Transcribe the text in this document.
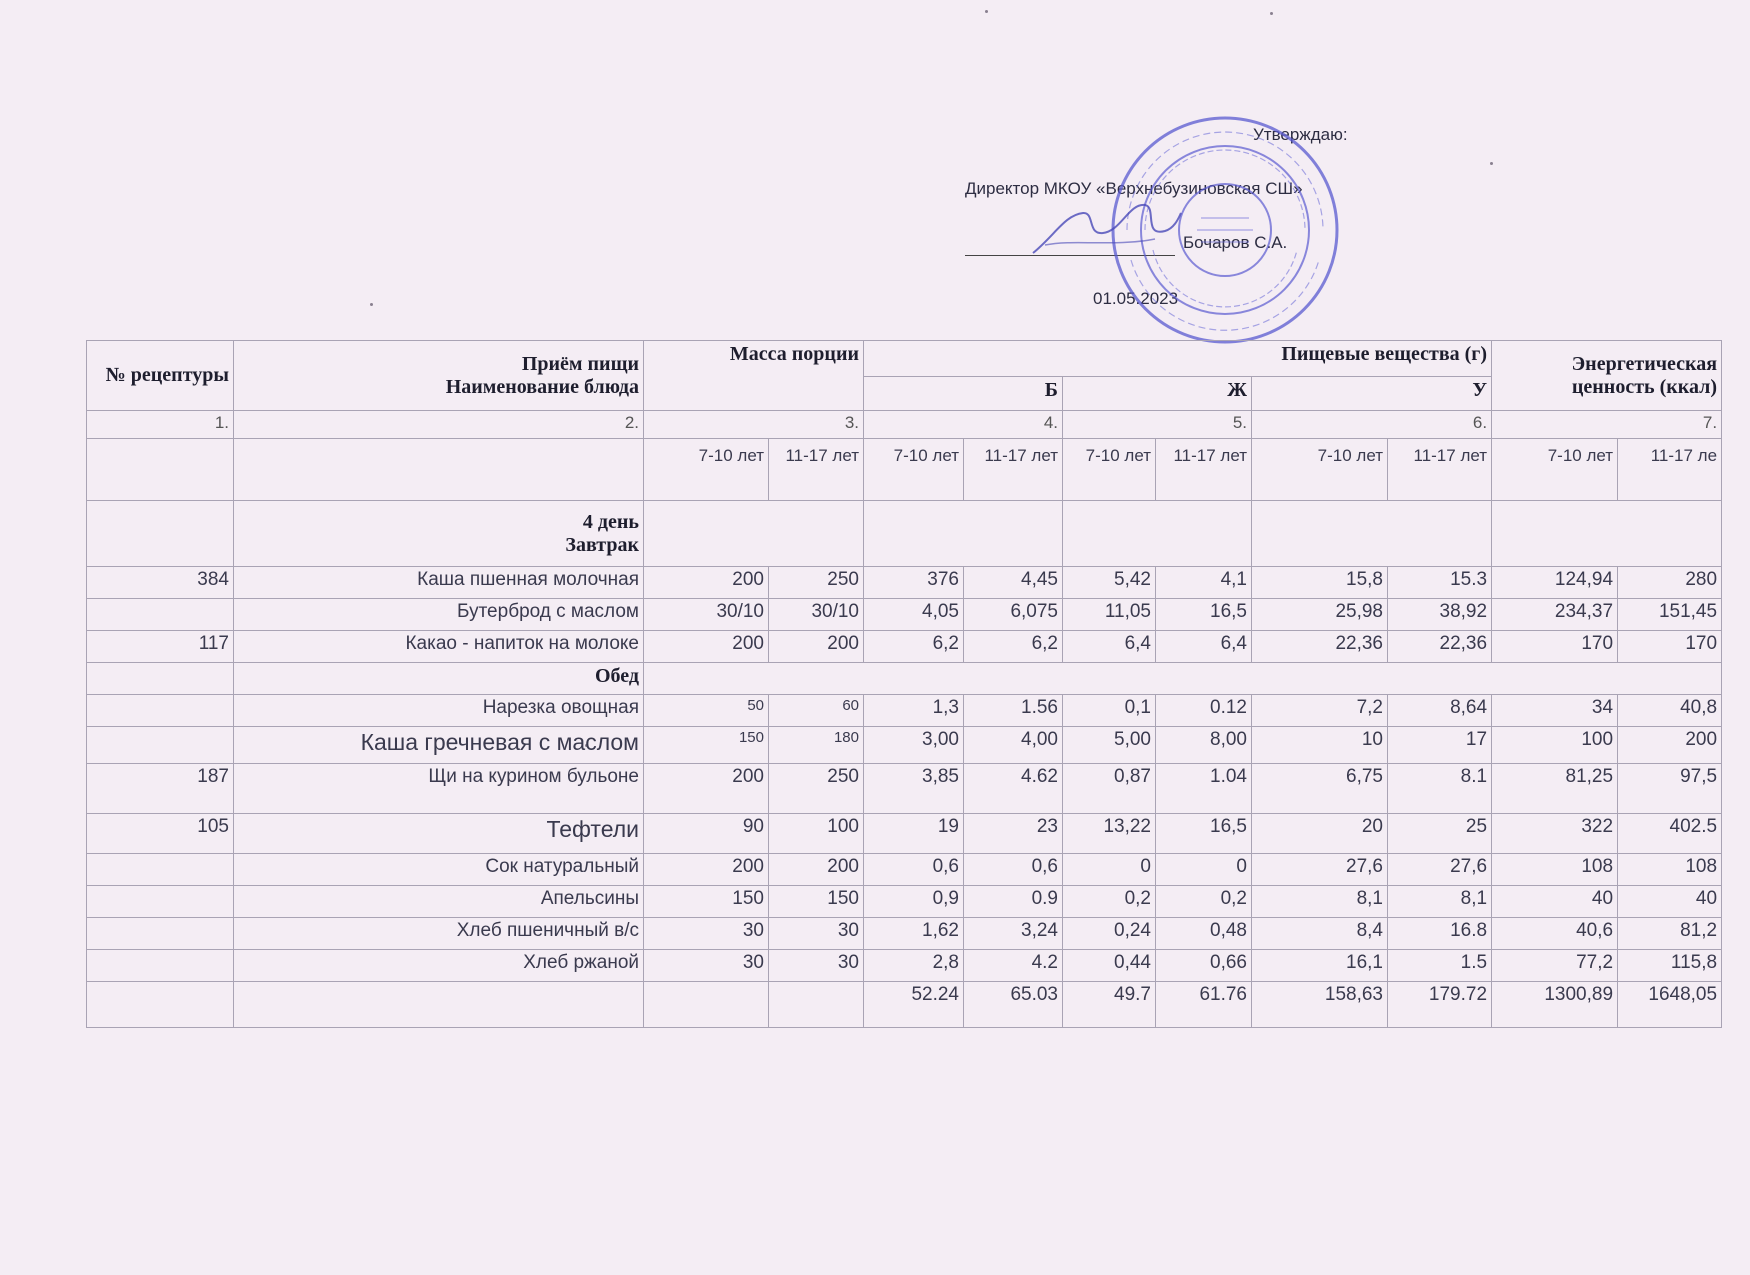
Утверждаю:
Директор МКОУ «Верхнебузиновская СШ»
Бочаров С.А.
01.05.2023
№ рецептуры	Приём пищи
Наименование блюда	Масса порции		Пищевые вещества (г)						Энергетическая ценность (ккал)	
				Б		Ж		У			
1.	2.	3.		4.		5.		6.		7.	
		7-10 лет	11-17 лет	7-10 лет	11-17 лет	7-10 лет	11-17 лет	7-10 лет	11-17 лет	7-10 лет	11-17 ле

	4 день
Завтрак										

384	Каша пшенная молочная	200	250	376	4,45	5,42	4,1	15,8	15.3	124,94	280
	Бутерброд с маслом	30/10	30/10	4,05	6,075	11,05	16,5	25,98	38,92	234,37	151,45
117	Какао - напиток на молоке	200	200	6,2	6,2	6,4	6,4	22,36	22,36	170	170
	Обед										
	Нарезка овощная	50	60	1,3	1.56	0,1	0.12	7,2	8,64	34	40,8
	Каша гречневая с маслом	150	180	3,00	4,00	5,00	8,00	10	17	100	200
187	Щи на курином бульоне	200	250	3,85	4.62	0,87	1.04	6,75	8.1	81,25	97,5
105	Тефтели	90	100	19	23	13,22	16,5	20	25	322	402.5
	Сок натуральный	200	200	0,6	0,6	0	0	27,6	27,6	108	108
	Апельсины	150	150	0,9	0.9	0,2	0,2	8,1	8,1	40	40
	Хлеб пшеничный в/с	30	30	1,62	3,24	0,24	0,48	8,4	16.8	40,6	81,2
	Хлеб ржаной	30	30	2,8	4.2	0,44	0,66	16,1	1.5	77,2	115,8
				52.24	65.03	49.7	61.76	158,63	179.72	1300,89	1648,05
